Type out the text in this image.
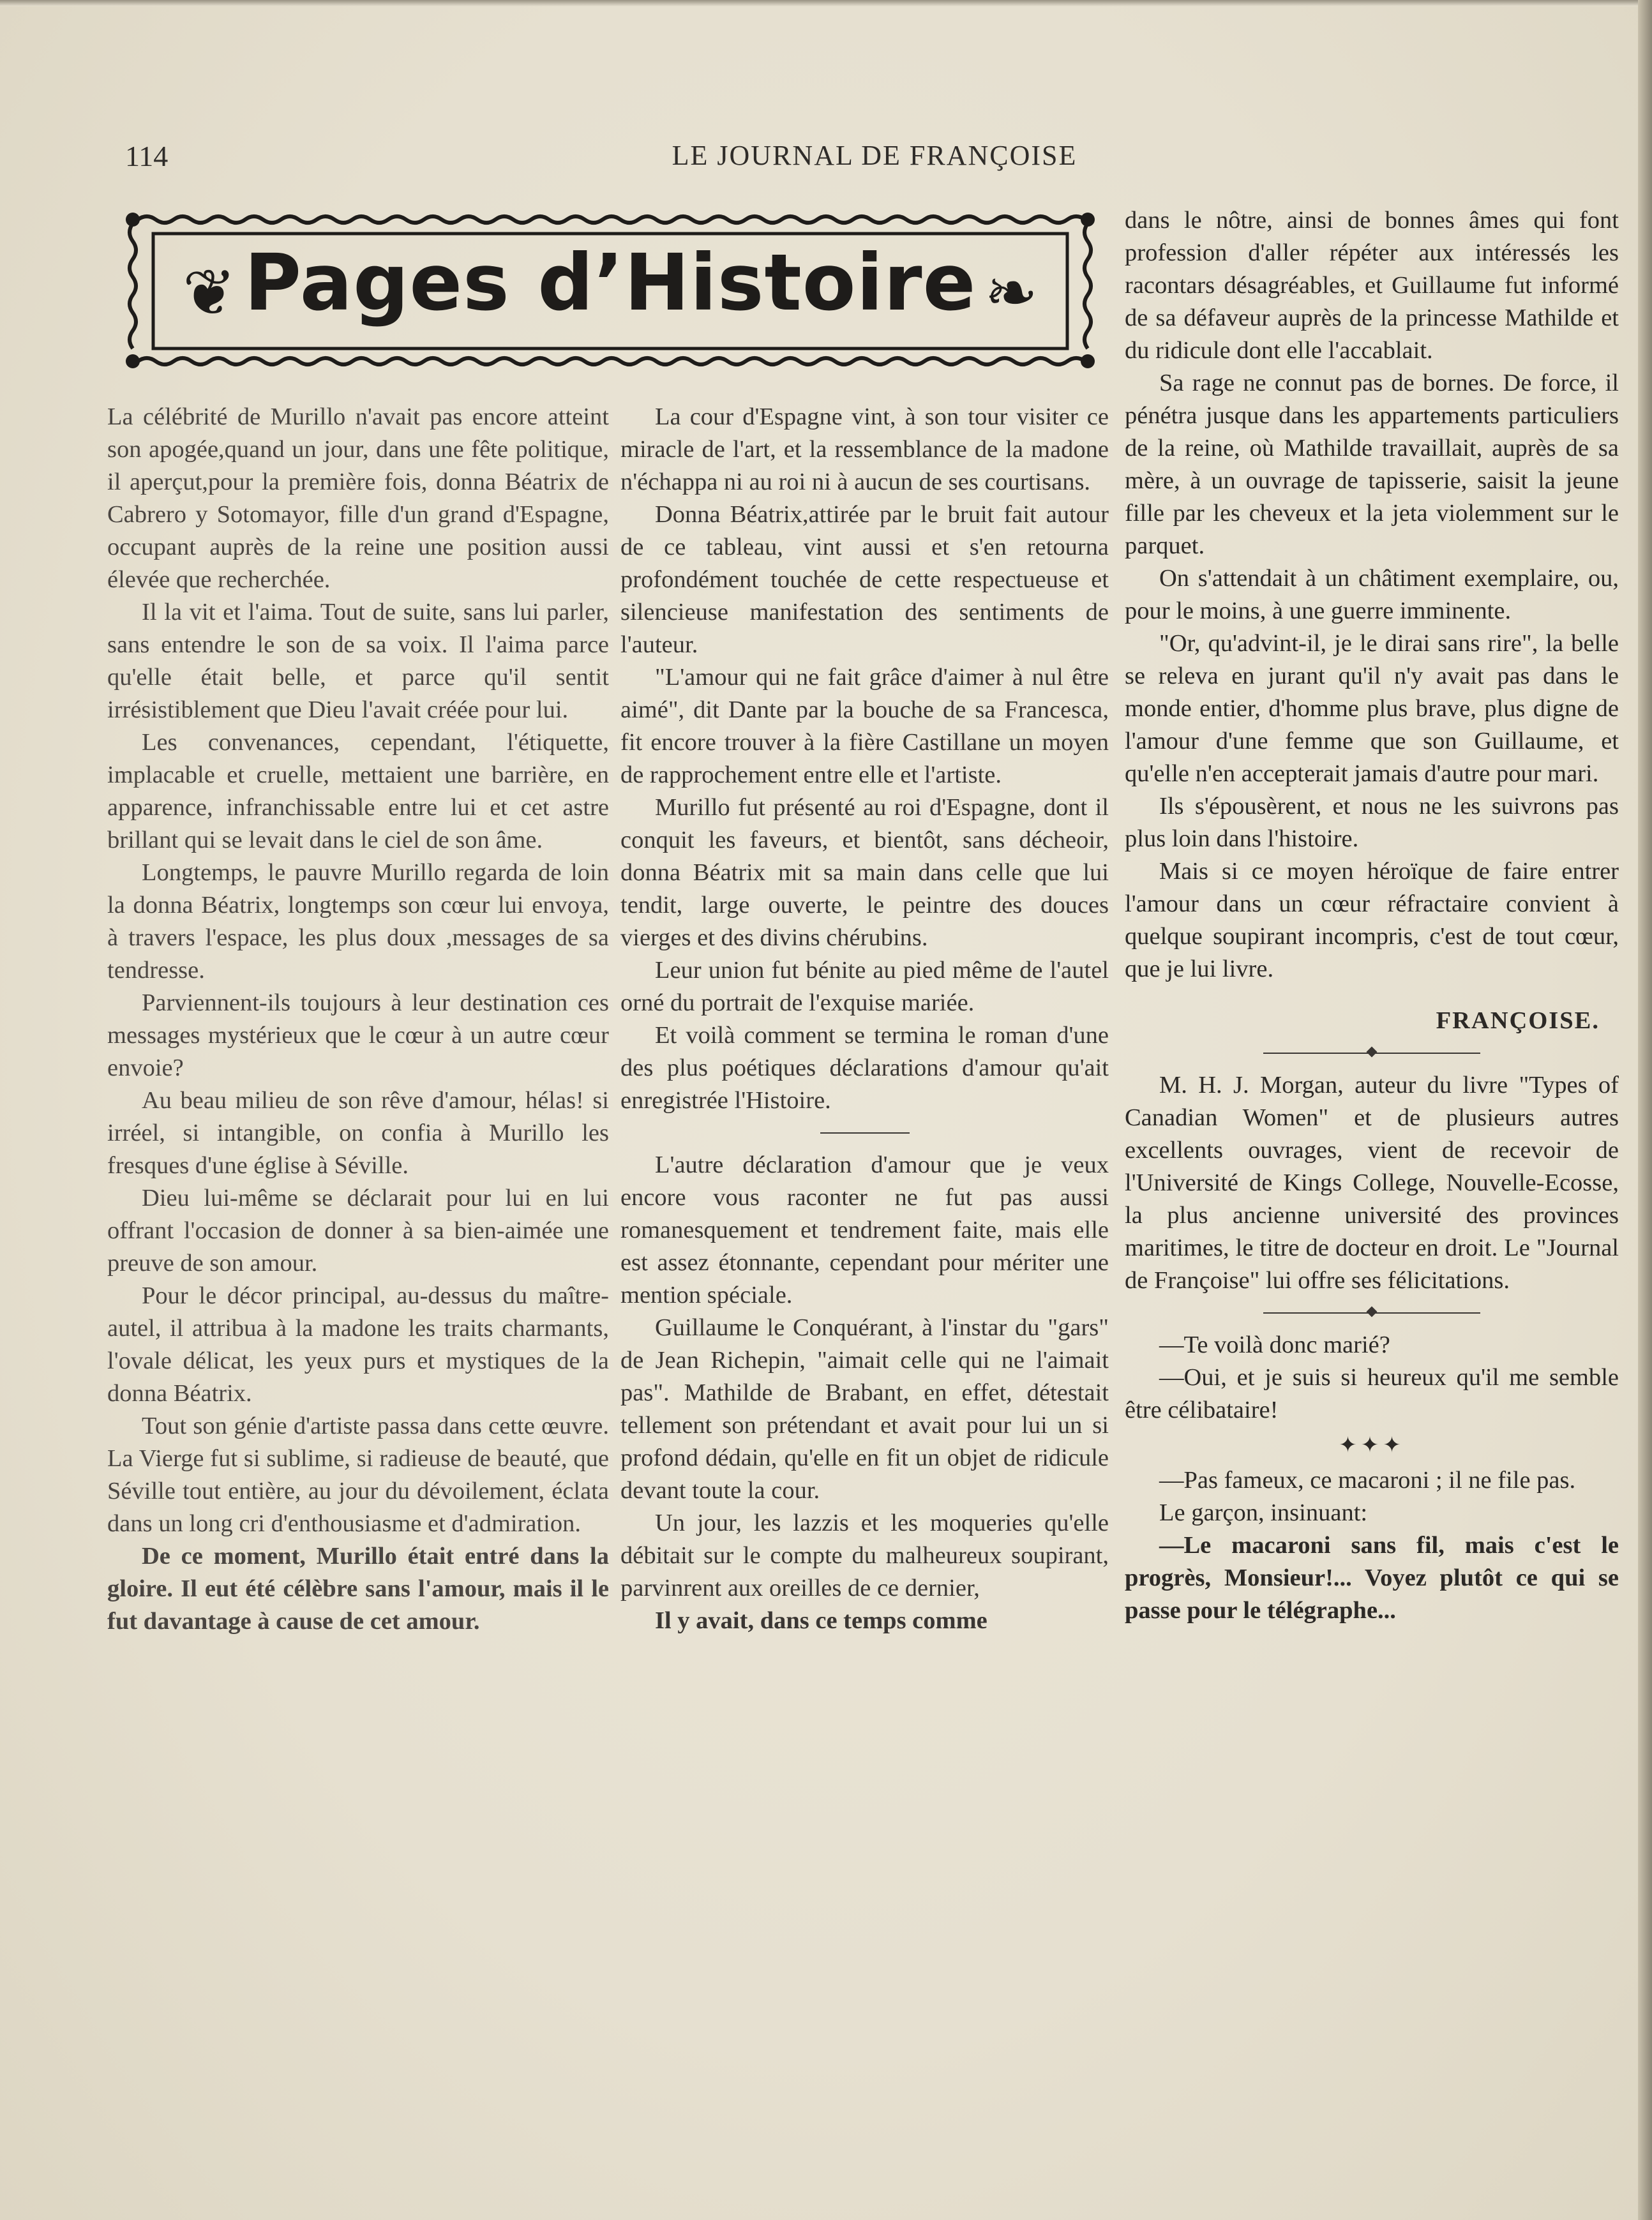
114	LE JOURNAL DE FRANÇOISE
❦ Pages d’Histoire ❧

La célébrité de Murillo n'avait pas encore atteint son apogée,quand un jour, dans une fête politique, il aperçut,pour la première fois, donna Béatrix de Cabrero y Sotomayor, fille d'un grand d'Espagne, occupant auprès de la reine une position aussi élevée que recherchée.

Il la vit et l'aima. Tout de suite, sans lui parler, sans entendre le son de sa voix. Il l'aima parce qu'elle était belle, et parce qu'il sentit irrésistiblement que Dieu l'avait créée pour lui.

Les convenances, cependant, l'étiquette, implacable et cruelle, mettaient une barrière, en apparence, infranchissable entre lui et cet astre brillant qui se levait dans le ciel de son âme.

Longtemps, le pauvre Murillo regarda de loin la donna Béatrix, longtemps son cœur lui envoya, à travers l'espace, les plus doux ,messages de sa tendresse.

Parviennent-ils toujours à leur destination ces messages mystérieux que le cœur à un autre cœur envoie?

Au beau milieu de son rêve d'amour, hélas! si irréel, si intangible, on confia à Murillo les fresques d'une église à Séville.

Dieu lui-même se déclarait pour lui en lui offrant l'occasion de donner à sa bien-aimée une preuve de son amour.

Pour le décor principal, au-dessus du maître-autel, il attribua à la madone les traits charmants, l'ovale délicat, les yeux purs et mystiques de la donna Béatrix.

Tout son génie d'artiste passa dans cette œuvre. La Vierge fut si sublime, si radieuse de beauté, que Séville tout entière, au jour du dévoilement, éclata dans un long cri d'enthousiasme et d'admiration.

De ce moment, Murillo était entré dans la gloire. Il eut été célèbre sans l'amour, mais il le fut davantage à cause de cet amour.

La cour d'Espagne vint, à son tour visiter ce miracle de l'art, et la ressemblance de la madone n'échappa ni au roi ni à aucun de ses courtisans.

Donna Béatrix,attirée par le bruit fait autour de ce tableau, vint aussi et s'en retourna profondément touchée de cette respectueuse et silencieuse manifestation des sentiments de l'auteur.

"L'amour qui ne fait grâce d'aimer à nul être aimé", dit Dante par la bouche de sa Francesca, fit encore trouver à la fière Castillane un moyen de rapprochement entre elle et l'artiste.

Murillo fut présenté au roi d'Espagne, dont il conquit les faveurs, et bientôt, sans décheoir, donna Béatrix mit sa main dans celle que lui tendit, large ouverte, le peintre des douces vierges et des divins chérubins.

Leur union fut bénite au pied même de l'autel orné du portrait de l'exquise mariée.

Et voilà comment se termina le roman d'une des plus poétiques déclarations d'amour qu'ait enregistrée l'Histoire.

L'autre déclaration d'amour que je veux encore vous raconter ne fut pas aussi romanesquement et tendrement faite, mais elle est assez étonnante, cependant pour mériter une mention spéciale.

Guillaume le Conquérant, à l'instar du "gars" de Jean Richepin, "aimait celle qui ne l'aimait pas". Mathilde de Brabant, en effet, détestait tellement son prétendant et avait pour lui un si profond dédain, qu'elle en fit un objet de ridicule devant toute la cour.

Un jour, les lazzis et les moqueries qu'elle débitait sur le compte du malheureux soupirant, parvinrent aux oreilles de ce dernier,

Il y avait, dans ce temps comme

dans le nôtre, ainsi de bonnes âmes qui font profession d'aller répéter aux intéressés les racontars désagréables, et Guillaume fut informé de sa défaveur auprès de la princesse Mathilde et du ridicule dont elle l'accablait.

Sa rage ne connut pas de bornes. De force, il pénétra jusque dans les appartements particuliers de la reine, où Mathilde travaillait, auprès de sa mère, à un ouvrage de tapisserie, saisit la jeune fille par les cheveux et la jeta violemment sur le parquet.

On s'attendait à un châtiment exemplaire, ou, pour le moins, à une guerre imminente.

"Or, qu'advint-il, je le dirai sans rire", la belle se releva en jurant qu'il n'y avait pas dans le monde entier, d'homme plus brave, plus digne de l'amour d'une femme que son Guillaume, et qu'elle n'en accepterait jamais d'autre pour mari.

Ils s'épousèrent, et nous ne les suivrons pas plus loin dans l'histoire.

Mais si ce moyen héroïque de faire entrer l'amour dans un cœur réfractaire convient à quelque soupirant incompris, c'est de tout cœur, que je lui livre.

FRANÇOISE.

M. H. J. Morgan, auteur du livre "Types of Canadian Women" et de plusieurs autres excellents ouvrages, vient de recevoir de l'Université de Kings College, Nouvelle-Ecosse, la plus ancienne université des provinces maritimes, le titre de docteur en droit. Le "Journal de Françoise" lui offre ses félicitations.

—Te voilà donc marié?

—Oui, et je suis si heureux qu'il me semble être célibataire!

✦✦✦

—Pas fameux, ce macaroni ; il ne file pas.

Le garçon, insinuant:

—Le macaroni sans fil, mais c'est le progrès, Monsieur!... Voyez plutôt ce qui se passe pour le télégraphe...
